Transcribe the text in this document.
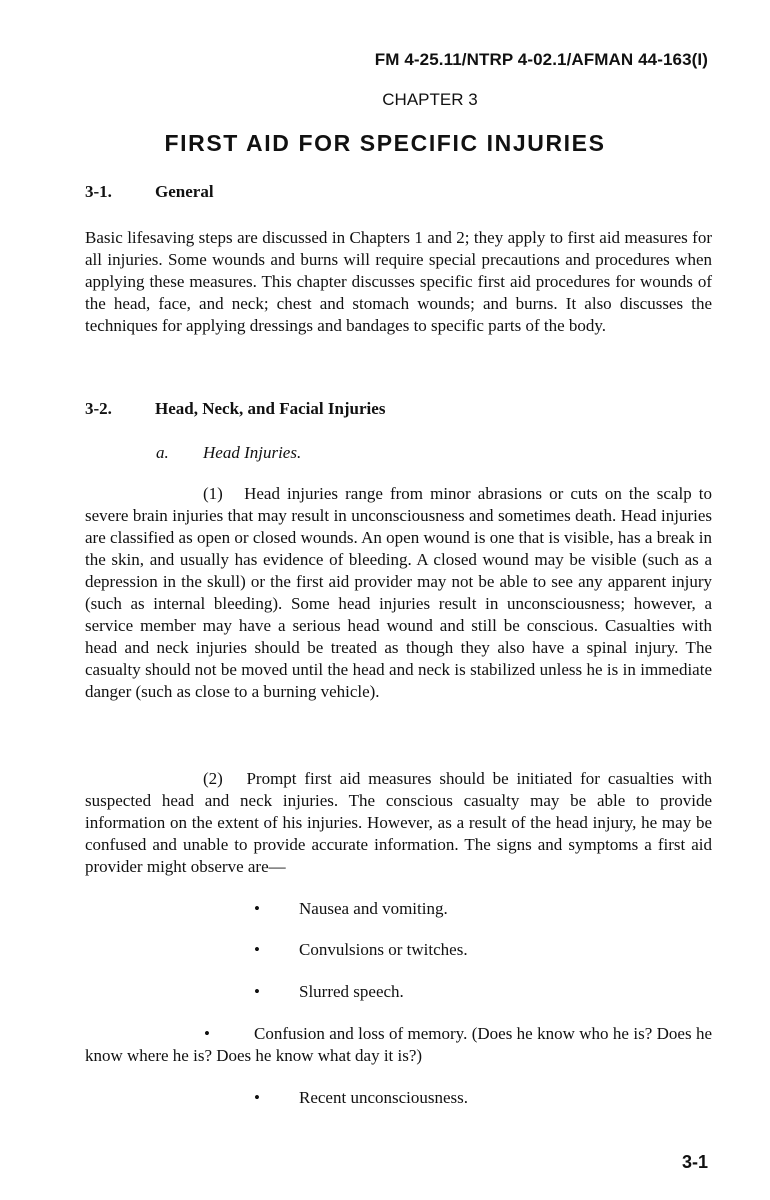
FM 4-25.11/NTRP 4-02.1/AFMAN 44-163(I)
CHAPTER 3
FIRST AID FOR SPECIFIC INJURIES
3-1.	General
Basic lifesaving steps are discussed in Chapters 1 and 2; they apply to first aid measures for all injuries. Some wounds and burns will require special precautions and procedures when applying these measures. This chapter discusses specific first aid procedures for wounds of the head, face, and neck; chest and stomach wounds; and burns. It also discusses the techniques for applying dressings and bandages to specific parts of the body.
3-2.	Head, Neck, and Facial Injuries
a. Head Injuries.
(1) Head injuries range from minor abrasions or cuts on the scalp to severe brain injuries that may result in unconsciousness and sometimes death. Head injuries are classified as open or closed wounds. An open wound is one that is visible, has a break in the skin, and usually has evidence of bleeding. A closed wound may be visible (such as a depression in the skull) or the first aid provider may not be able to see any apparent injury (such as internal bleeding). Some head injuries result in unconsciousness; however, a service member may have a serious head wound and still be conscious. Casualties with head and neck injuries should be treated as though they also have a spinal injury. The casualty should not be moved until the head and neck is stabilized unless he is in immediate danger (such as close to a burning vehicle).
(2) Prompt first aid measures should be initiated for casualties with suspected head and neck injuries. The conscious casualty may be able to provide information on the extent of his injuries. However, as a result of the head injury, he may be confused and unable to provide accurate information. The signs and symptoms a first aid provider might observe are—
• Nausea and vomiting.
• Convulsions or twitches.
• Slurred speech.
•	Confusion and loss of memory. (Does he know who he is? Does he know where he is? Does he know what day it is?)
• Recent unconsciousness.
3-1
